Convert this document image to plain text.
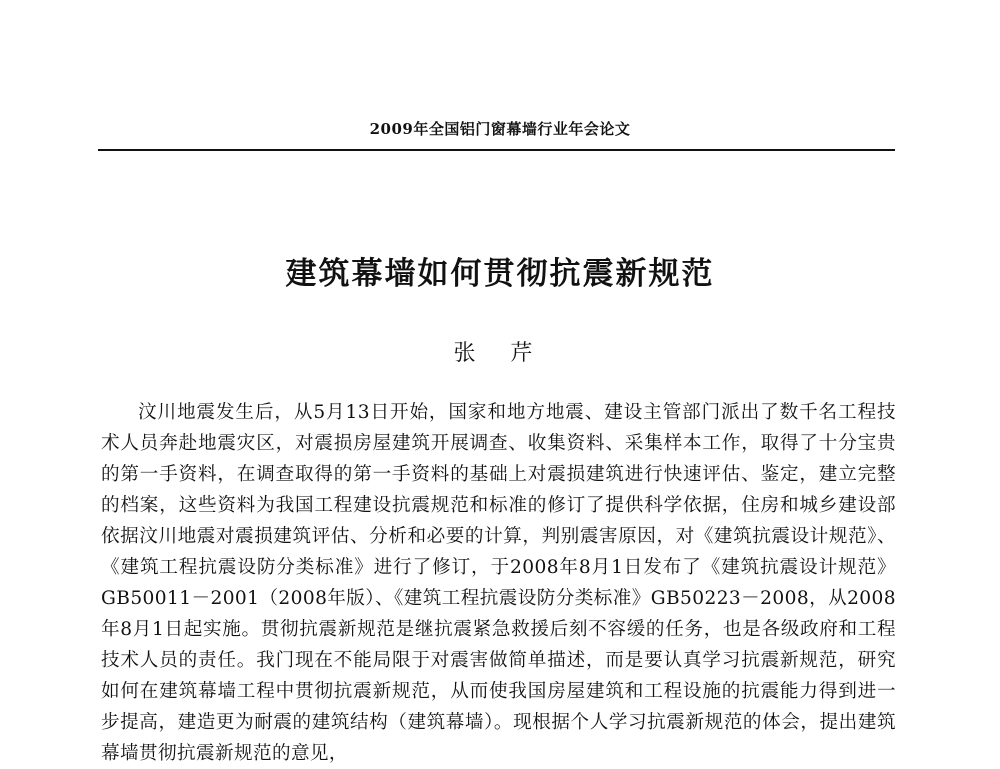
2009年全国铝门窗幕墙行业年会论文
建筑幕墙如何贯彻抗震新规范
张 芹

汶川地震发生后，从5月13日开始，国家和地方地震、建设主管部门派出了数千名工程技术人员奔赴地震灾区，对震损房屋建筑开展调查、收集资料、采集样本工作，取得了十分宝贵的第一手资料，在调查取得的第一手资料的基础上对震损建筑进行快速评估、鉴定，建立完整的档案，这些资料为我国工程建设抗震规范和标准的修订了提供科学依据，住房和城乡建设部依据汶川地震对震损建筑评估、分析和必要的计算，判别震害原因，对《建筑抗震设计规范》、《建筑工程抗震设防分类标准》进行了修订，于2008年8月1日发布了《建筑抗震设计规范》GB50011－2001（2008年版）、《建筑工程抗震设防分类标准》GB50223－2008，从2008年8月1日起实施。贯彻抗震新规范是继抗震紧急救援后刻不容缓的任务，也是各级政府和工程技术人员的责任。我门现在不能局限于对震害做简单描述，而是要认真学习抗震新规范，研究如何在建筑幕墙工程中贯彻抗震新规范，从而使我国房屋建筑和工程设施的抗震能力得到进一步提高，建造更为耐震的建筑结构（建筑幕墙）。现根据个人学习抗震新规范的体会，提出建筑幕墙贯彻抗震新规范的意见，
